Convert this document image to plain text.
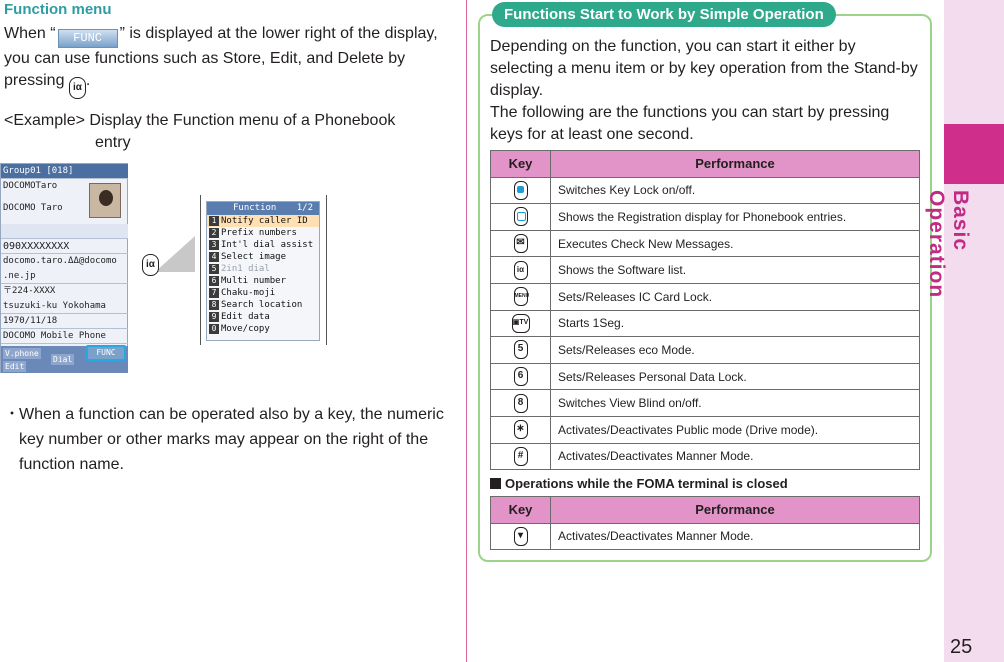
Function menu
When “ FUNC ” is displayed at the lower right of the display, you can use functions such as Store, Edit, and Delete by pressing iα .
<Example> Display the Function menu of a Phonebook
entry
Group01 [018]
DOCOMOTaro
DOCOMO Taro
090XXXXXXXX
docomo.taro.ΔΔ@docomo
.ne.jp
〒224-XXXX
tsuzuki-ku Yokohama
1970/11/18
DOCOMO Mobile Phone
V.phone
Edit
Dial
FUNC
iα
Function 1/2
1 Notify caller ID
2 Prefix numbers
3 Int'l dial assist
4 Select image
5 2in1 dial
6 Multi number
7 Chaku-moji
8 Search location
9 Edit data
0 Move/copy
・
When a function can be operated also by a key, the numeric key number or other marks may appear on the right of the function name.
Functions Start to Work by Simple Operation
Depending on the function, you can start it either by selecting a menu item or by key operation from the Stand-by display.
The following are the functions you can start by pressing keys for at least one second.
Key	Performance
	Switches Key Lock on/off.
	Shows the Registration display for Phonebook entries.
✉	Executes Check New Messages.
iα	Shows the Software list.
MENU	Sets/Releases IC Card Lock.
▣TV	Starts 1Seg.
5	Sets/Releases eco Mode.
6	Sets/Releases Personal Data Lock.
8	Switches View Blind on/off.
∗	Activates/Deactivates Public mode (Drive mode).
#	Activates/Deactivates Manner Mode.
Operations while the FOMA terminal is closed
Key	Performance
▾	Activates/Deactivates Manner Mode.
Basic Operation
25
